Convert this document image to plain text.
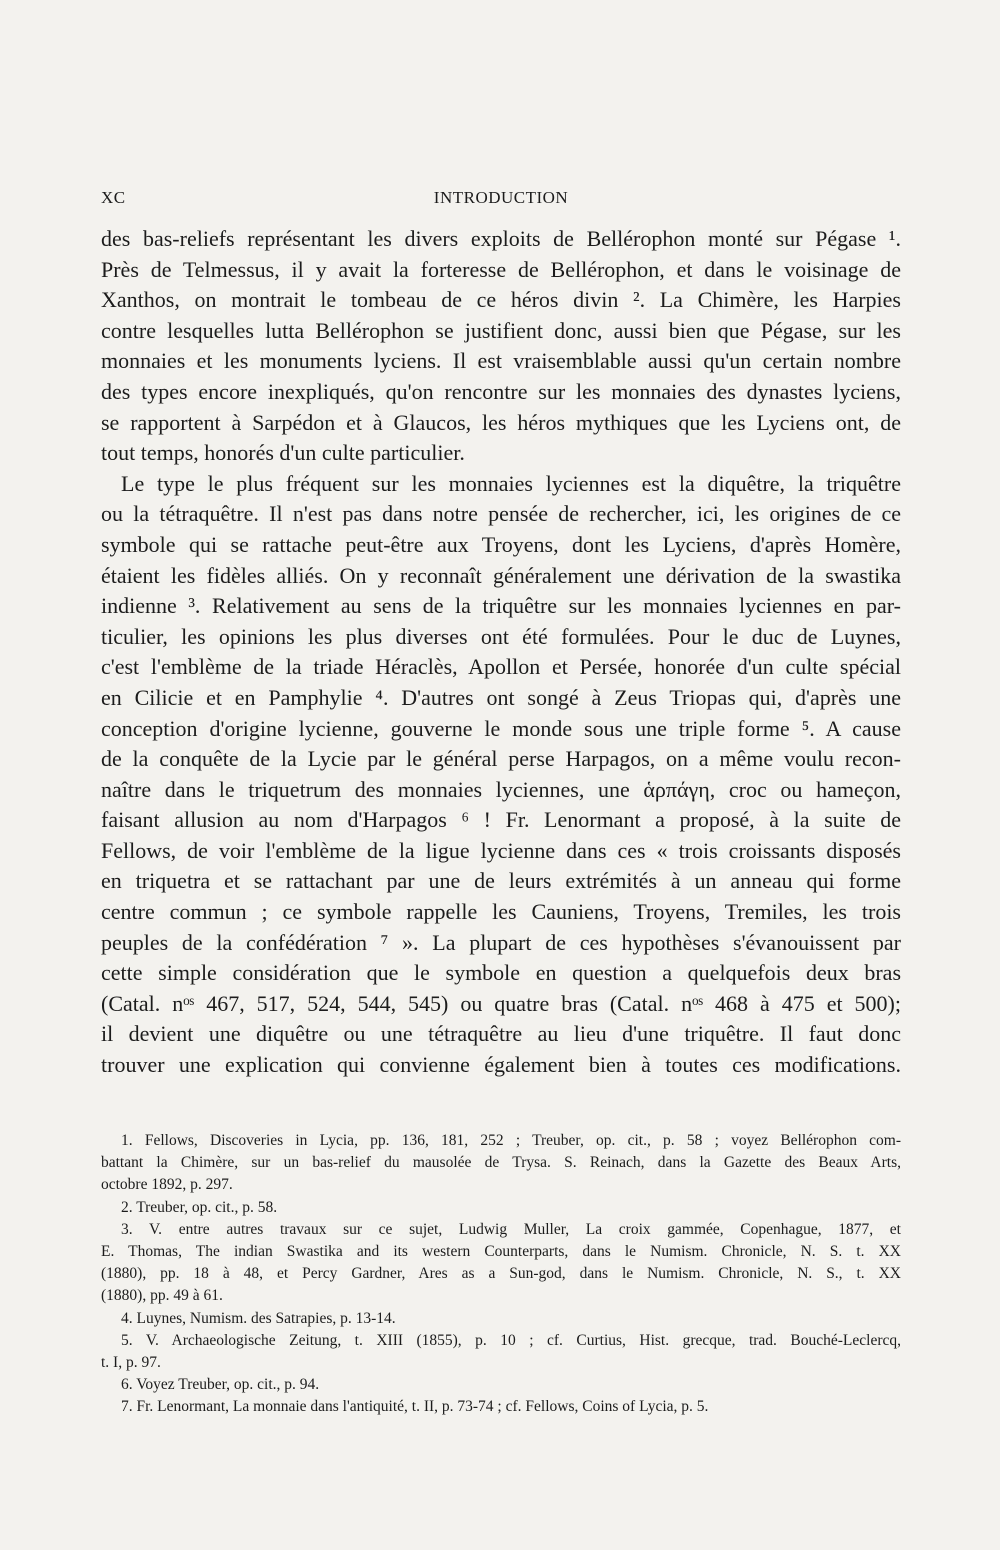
XC	INTRODUCTION
des bas-reliefs représentant les divers exploits de Bellérophon monté sur Pégase ¹.
Près de Telmessus, il y avait la forteresse de Bellérophon, et dans le voisinage de
Xanthos, on montrait le tombeau de ce héros divin ². La Chimère, les Harpies
contre lesquelles lutta Bellérophon se justifient donc, aussi bien que Pégase, sur les
monnaies et les monuments lyciens. Il est vraisemblable aussi qu'un certain nombre
des types encore inexpliqués, qu'on rencontre sur les monnaies des dynastes lyciens,
se rapportent à Sarpédon et à Glaucos, les héros mythiques que les Lyciens ont, de
tout temps, honorés d'un culte particulier.
Le type le plus fréquent sur les monnaies lyciennes est la diquêtre, la triquêtre
ou la tétraquêtre. Il n'est pas dans notre pensée de rechercher, ici, les origines de ce
symbole qui se rattache peut-être aux Troyens, dont les Lyciens, d'après Homère,
étaient les fidèles alliés. On y reconnaît généralement une dérivation de la swastika
indienne ³. Relativement au sens de la triquêtre sur les monnaies lyciennes en par-
ticulier, les opinions les plus diverses ont été formulées. Pour le duc de Luynes,
c'est l'emblème de la triade Héraclès, Apollon et Persée, honorée d'un culte spécial
en Cilicie et en Pamphylie ⁴. D'autres ont songé à Zeus Triopas qui, d'après une
conception d'origine lycienne, gouverne le monde sous une triple forme ⁵. A cause
de la conquête de la Lycie par le général perse Harpagos, on a même voulu recon-
naître dans le triquetrum des monnaies lyciennes, une ἁρπάγη, croc ou hameçon,
faisant allusion au nom d'Harpagos ⁶ ! Fr. Lenormant a proposé, à la suite de
Fellows, de voir l'emblème de la ligue lycienne dans ces « trois croissants disposés
en triquetra et se rattachant par une de leurs extrémités à un anneau qui forme
centre commun ; ce symbole rappelle les Cauniens, Troyens, Tremiles, les trois
peuples de la confédération ⁷ ». La plupart de ces hypothèses s'évanouissent par
cette simple considération que le symbole en question a quelquefois deux bras
(Catal. nᵒˢ 467, 517, 524, 544, 545) ou quatre bras (Catal. nᵒˢ 468 à 475 et 500);
il devient une diquêtre ou une tétraquêtre au lieu d'une triquêtre. Il faut donc
trouver une explication qui convienne également bien à toutes ces modifications.
1. Fellows, Discoveries in Lycia, pp. 136, 181, 252 ; Treuber, op. cit., p. 58 ; voyez Bellérophon com-
battant la Chimère, sur un bas-relief du mausolée de Trysa. S. Reinach, dans la Gazette des Beaux Arts,
octobre 1892, p. 297.
2. Treuber, op. cit., p. 58.
3. V. entre autres travaux sur ce sujet, Ludwig Muller, La croix gammée, Copenhague, 1877, et
E. Thomas, The indian Swastika and its western Counterparts, dans le Numism. Chronicle, N. S. t. XX
(1880), pp. 18 à 48, et Percy Gardner, Ares as a Sun-god, dans le Numism. Chronicle, N. S., t. XX
(1880), pp. 49 à 61.
4. Luynes, Numism. des Satrapies, p. 13-14.
5. V. Archaeologische Zeitung, t. XIII (1855), p. 10 ; cf. Curtius, Hist. grecque, trad. Bouché-Leclercq,
t. I, p. 97.
6. Voyez Treuber, op. cit., p. 94.
7. Fr. Lenormant, La monnaie dans l'antiquité, t. II, p. 73-74 ; cf. Fellows, Coins of Lycia, p. 5.
